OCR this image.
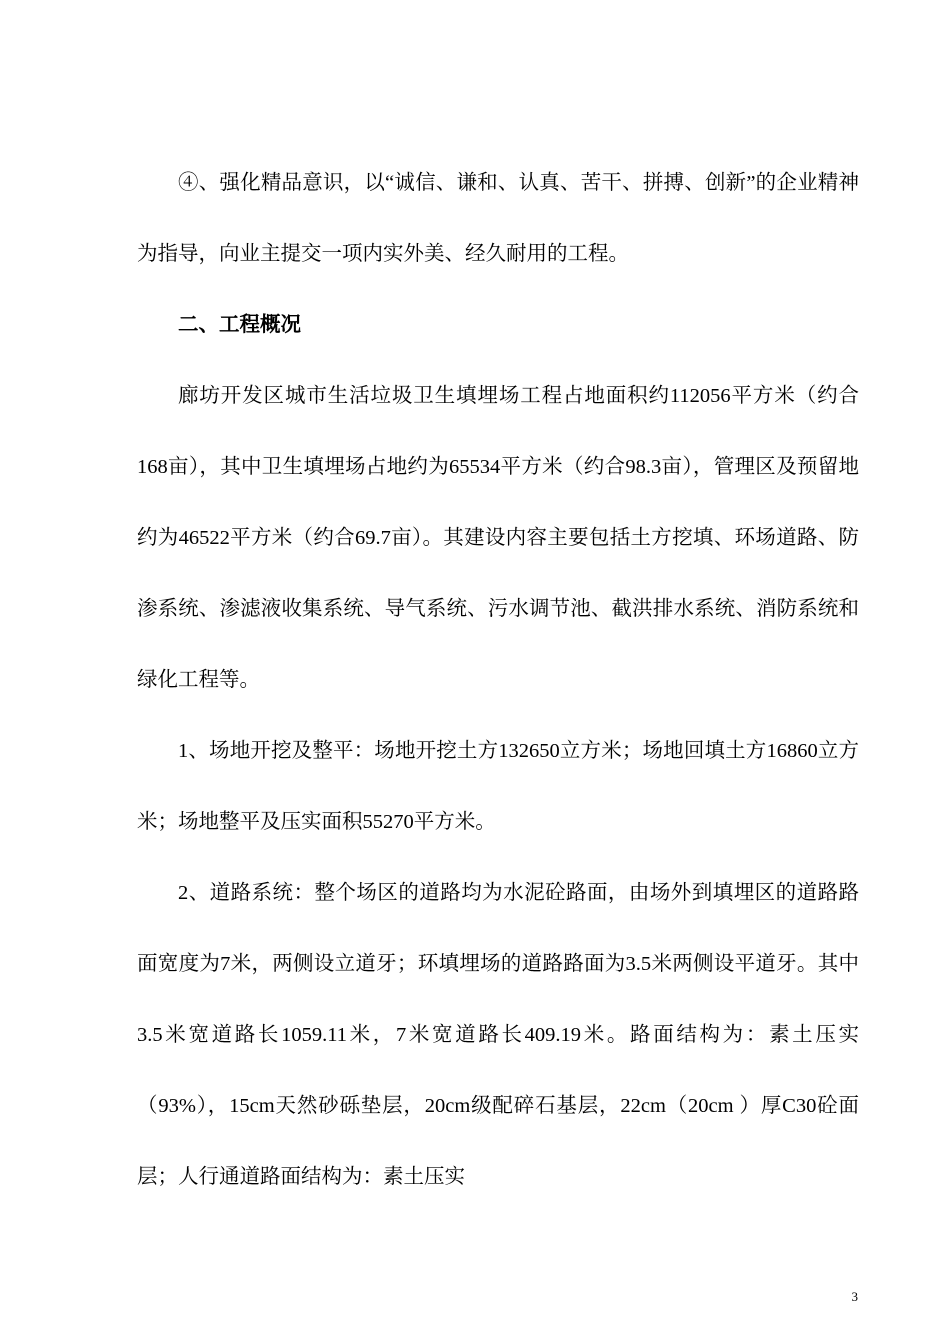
④、强化精品意识，以“诚信、谦和、认真、苦干、拼搏、创新”的企业精神为指导，向业主提交一项内实外美、经久耐用的工程。

二、工程概况

廊坊开发区城市生活垃圾卫生填埋场工程占地面积约112056平方米（约合168亩），其中卫生填埋场占地约为65534平方米（约合98.3亩），管理区及预留地约为46522平方米（约合69.7亩）。其建设内容主要包括土方挖填、环场道路、防渗系统、渗滤液收集系统、导气系统、污水调节池、截洪排水系统、消防系统和绿化工程等。

1、场地开挖及整平：场地开挖土方132650立方米；场地回填土方16860立方米；场地整平及压实面积55270平方米。

2、道路系统：整个场区的道路均为水泥砼路面，由场外到填埋区的道路路面宽度为7米，两侧设立道牙；环填埋场的道路路面为3.5米两侧设平道牙。其中3.5米宽道路长1059.11米，7米宽道路长409.19米。路面结构为：素土压实（93%），15cm天然砂砾垫层，20cm级配碎石基层，22cm（20cm ）厚C30砼面层；人行通道路面结构为：素土压实

3
